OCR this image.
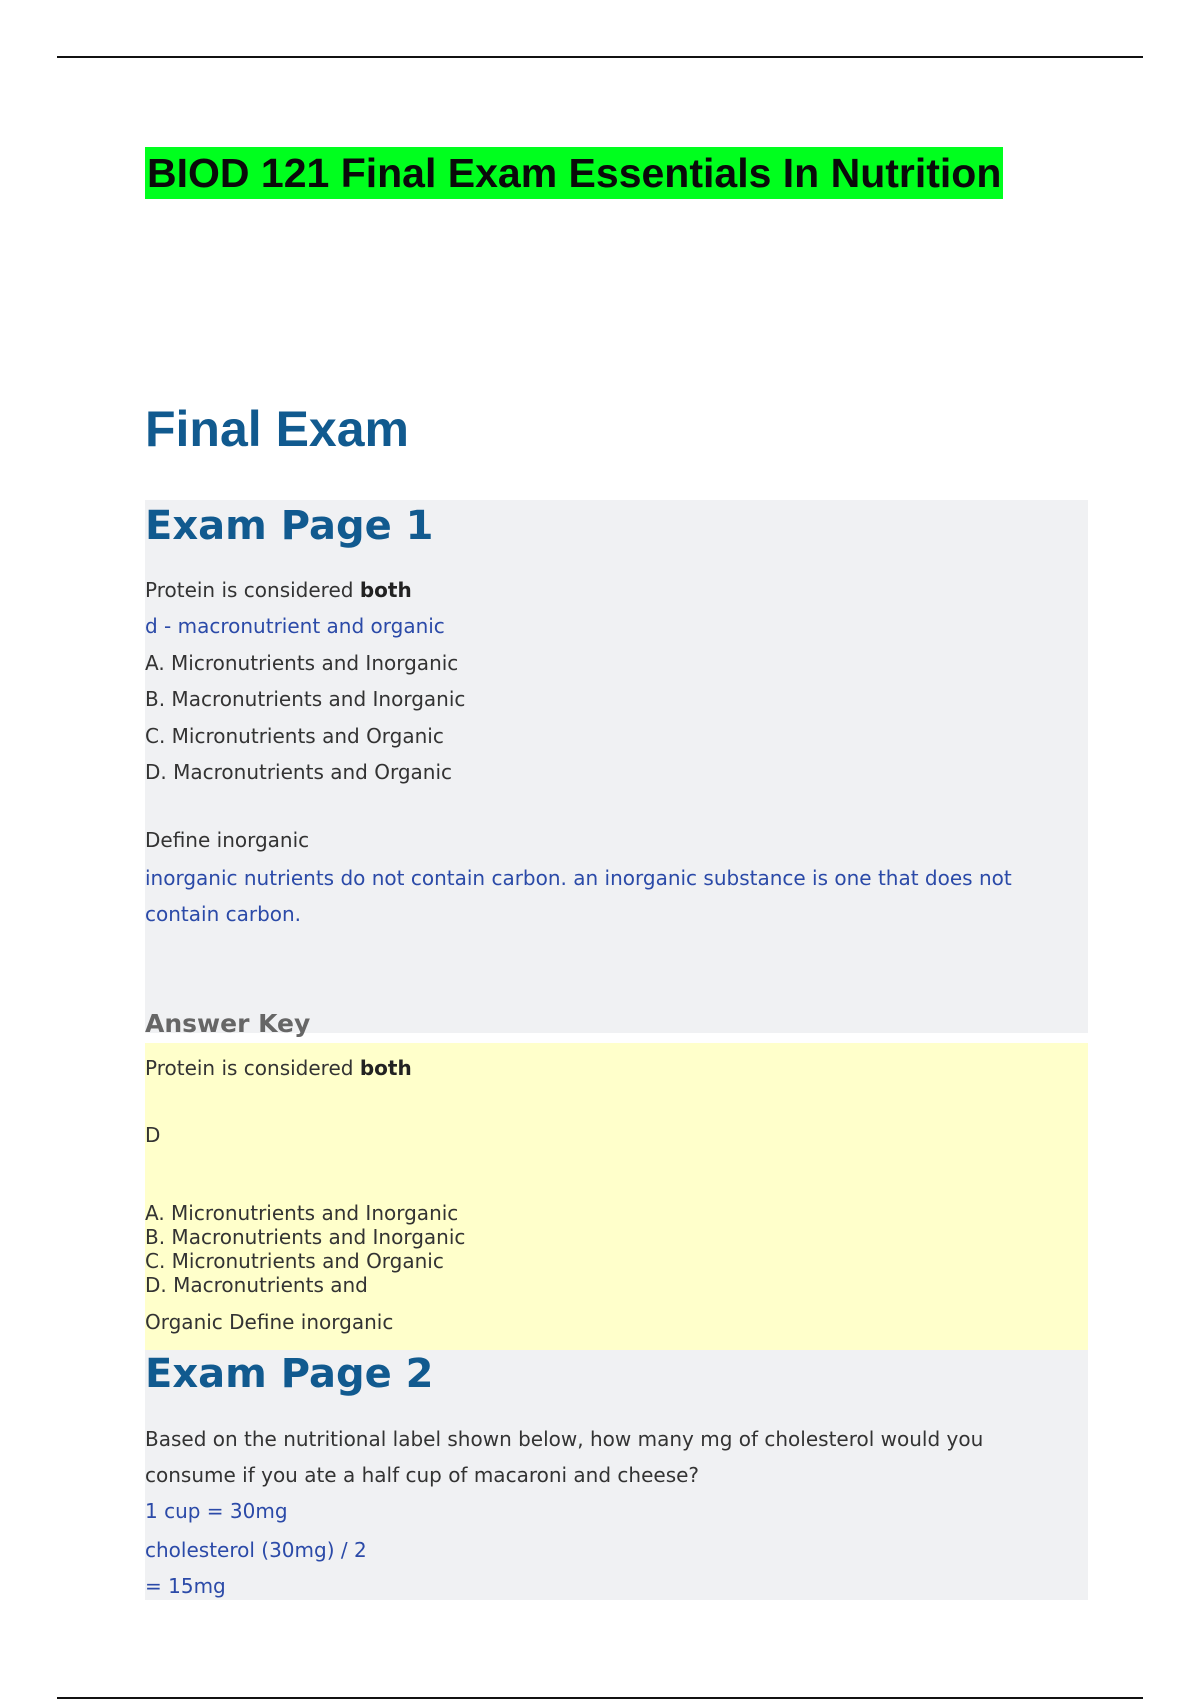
BIOD 121 Final Exam Essentials In Nutrition
Final Exam
Exam Page 1
Protein is considered both
d - macronutrient and organic
A. Micronutrients and Inorganic
B. Macronutrients and Inorganic
C. Micronutrients and Organic
D. Macronutrients and Organic
Define inorganic
inorganic nutrients do not contain carbon. an inorganic substance is one that does not
contain carbon.
Answer Key
Protein is considered both
D
A. Micronutrients and Inorganic
B. Macronutrients and Inorganic
C. Micronutrients and Organic
D. Macronutrients and
Organic Define inorganic
Exam Page 2
Based on the nutritional label shown below, how many mg of cholesterol would you
consume if you ate a half cup of macaroni and cheese?
1 cup = 30mg
cholesterol (30mg) / 2
= 15mg
